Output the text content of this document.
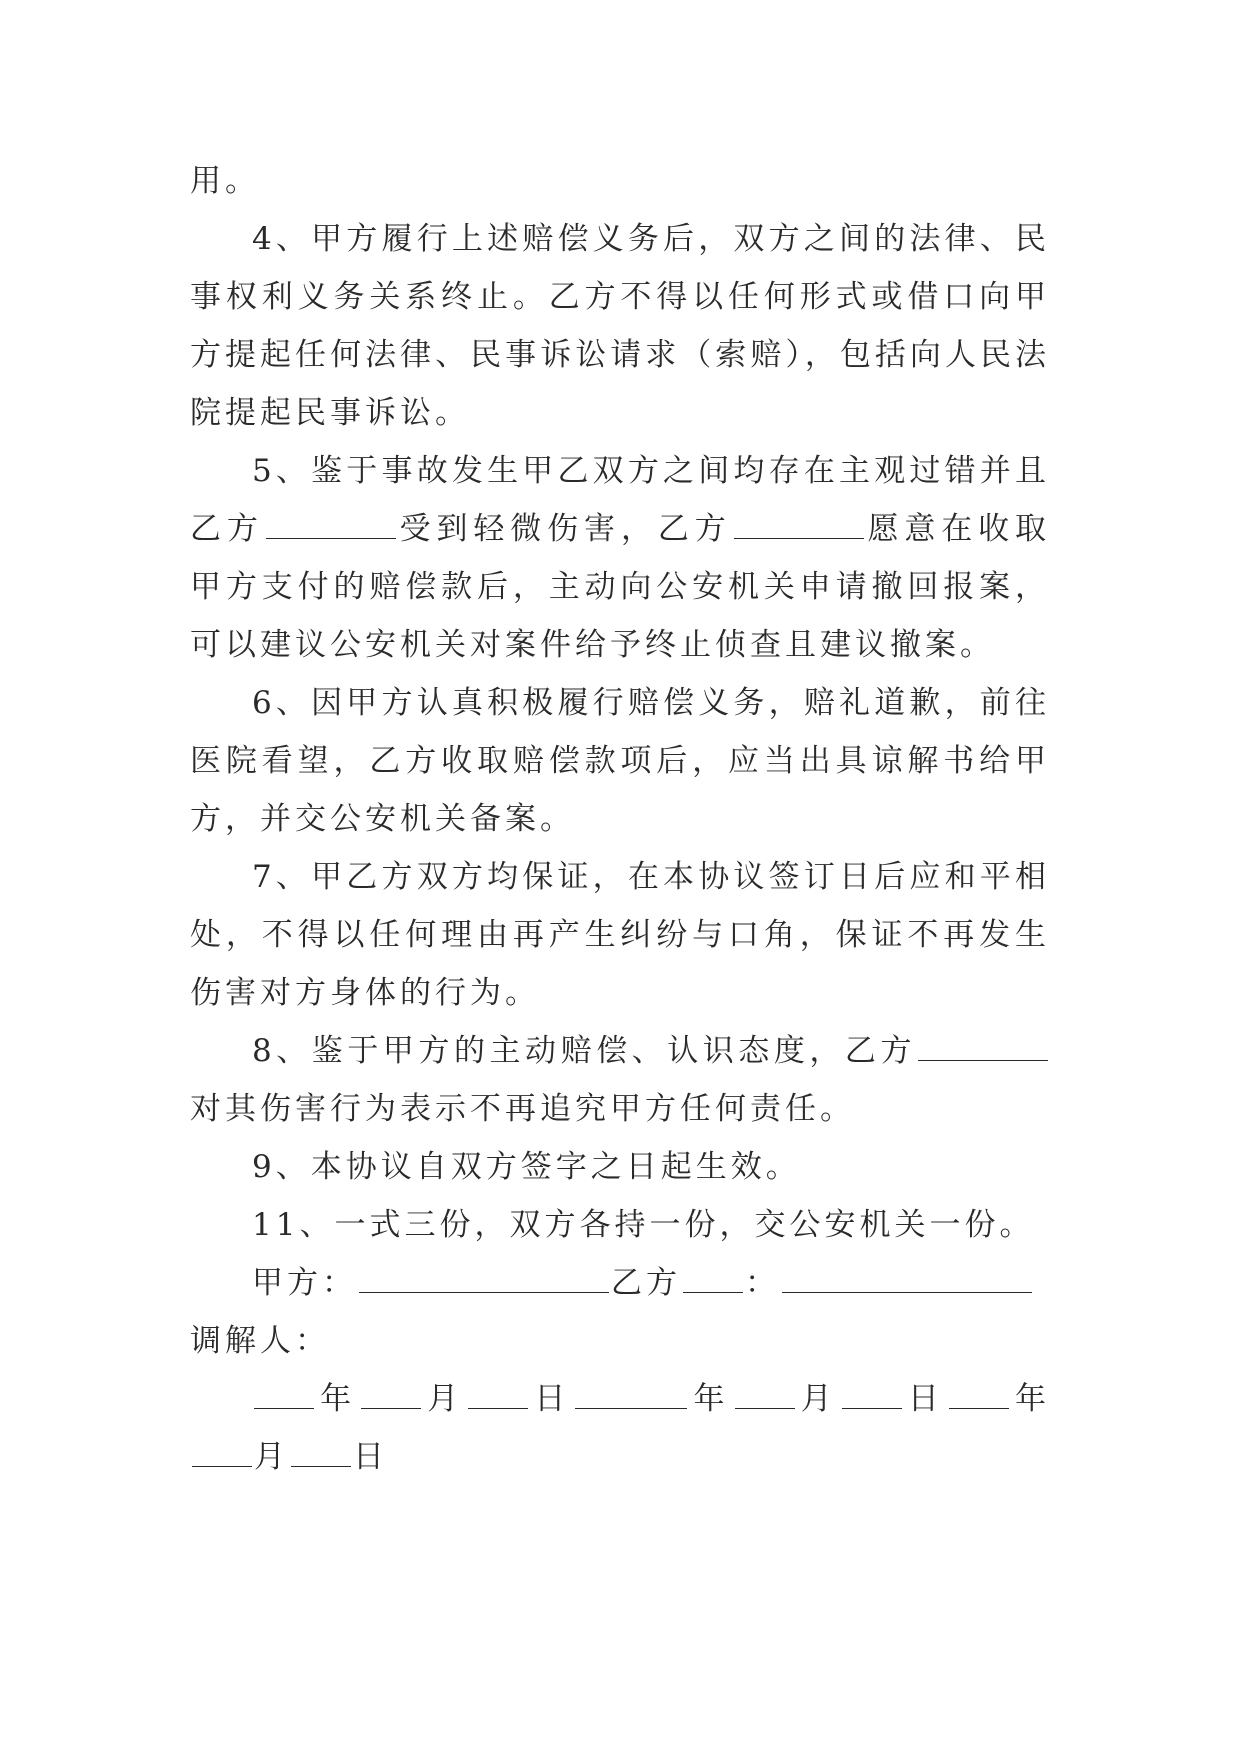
用。

4、甲方履行上述赔偿义务后，双方之间的法律、民事权利义务关系终止。乙方不得以任何形式或借口向甲方提起任何法律、民事诉讼请求（索赔），包括向人民法院提起民事诉讼。

5、鉴于事故发生甲乙双方之间均存在主观过错并且乙方	受到轻微伤害，乙方	愿意在收取甲方支付的赔偿款后，主动向公安机关申请撤回报案，可以建议公安机关对案件给予终止侦查且建议撤案。

6、因甲方认真积极履行赔偿义务，赔礼道歉，前往医院看望，乙方收取赔偿款项后，应当出具谅解书给甲方，并交公安机关备案。

7、甲乙方双方均保证，在本协议签订日后应和平相处，不得以任何理由再产生纠纷与口角，保证不再发生伤害对方身体的行为。

8、鉴于甲方的主动赔偿、认识态度，乙方对其伤害行为表示不再追究甲方任何责任。

9、本协议自双方签字之日起生效。

11、一式三份，双方各持一份，交公安机关一份。

甲方：	乙方 ：

调解人：

年 月 日	年 月 日 年月 日
